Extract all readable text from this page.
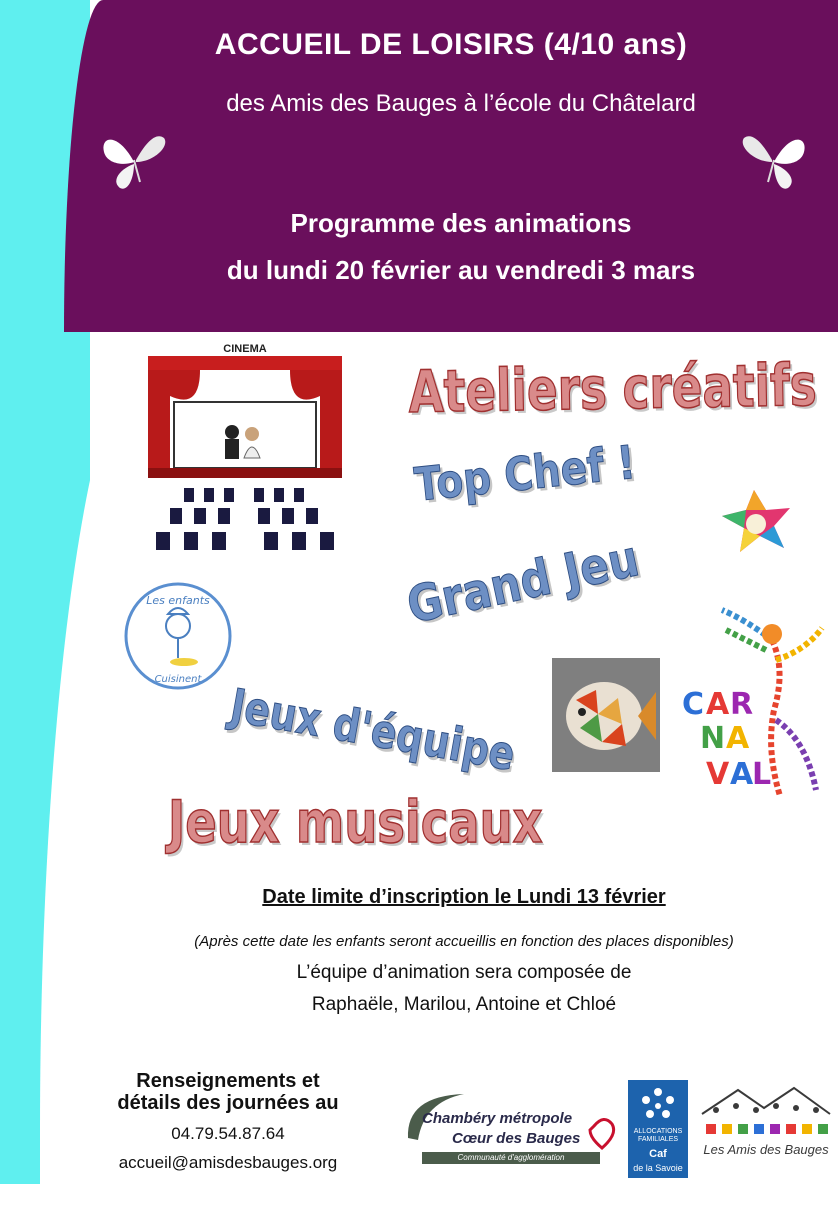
ACCUEIL DE LOISIRS (4/10 ans)
des Amis des Bauges à l’école du Châtelard
Programme des animations
du lundi 20 février au vendredi 3 mars
CINEMA
Les enfants
Cuisinent
C A R
N A
V A
L
Ateliers créatifs
Top Chef !
Grand Jeu
Jeux d'équipe
Jeux musicaux
Date limite d’inscription le Lundi 13 février
(Après cette date les enfants seront accueillis en fonction des places disponibles)
L’équipe d’animation sera composée de
Raphaële, Marilou, Antoine et Chloé
Renseignements et
détails des journées au
04.79.54.87.64
accueil@amisdesbauges.org
Chambéry métropole
Cœur des Bauges
Communauté d'agglomération
ALLOCATIONS
FAMILIALES
Caf
de la Savoie
Les Amis des Bauges
